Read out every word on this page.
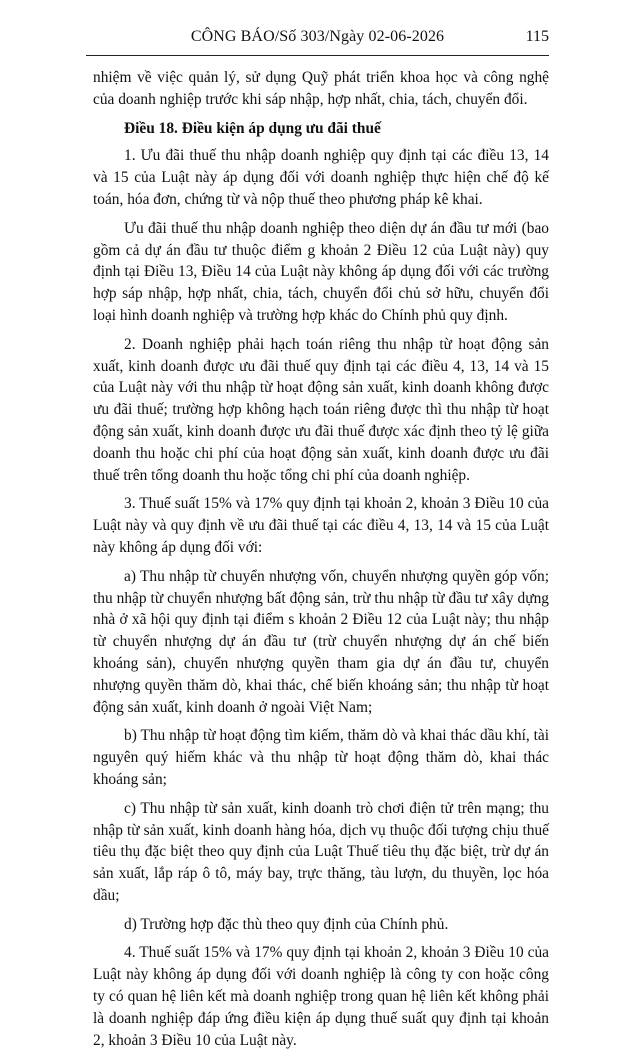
CÔNG BÁO/Số 303/Ngày 02-06-2026	115

nhiệm về việc quản lý, sử dụng Quỹ phát triển khoa học và công nghệ của doanh nghiệp trước khi sáp nhập, hợp nhất, chia, tách, chuyển đổi.

Điều 18. Điều kiện áp dụng ưu đãi thuế

1. Ưu đãi thuế thu nhập doanh nghiệp quy định tại các điều 13, 14 và 15 của Luật này áp dụng đối với doanh nghiệp thực hiện chế độ kế toán, hóa đơn, chứng từ và nộp thuế theo phương pháp kê khai.

Ưu đãi thuế thu nhập doanh nghiệp theo diện dự án đầu tư mới (bao gồm cả dự án đầu tư thuộc điểm g khoản 2 Điều 12 của Luật này) quy định tại Điều 13, Điều 14 của Luật này không áp dụng đối với các trường hợp sáp nhập, hợp nhất, chia, tách, chuyển đổi chủ sở hữu, chuyển đổi loại hình doanh nghiệp và trường hợp khác do Chính phủ quy định.

2. Doanh nghiệp phải hạch toán riêng thu nhập từ hoạt động sản xuất, kinh doanh được ưu đãi thuế quy định tại các điều 4, 13, 14 và 15 của Luật này với thu nhập từ hoạt động sản xuất, kinh doanh không được ưu đãi thuế; trường hợp không hạch toán riêng được thì thu nhập từ hoạt động sản xuất, kinh doanh được ưu đãi thuế được xác định theo tỷ lệ giữa doanh thu hoặc chi phí của hoạt động sản xuất, kinh doanh được ưu đãi thuế trên tổng doanh thu hoặc tổng chi phí của doanh nghiệp.

3. Thuế suất 15% và 17% quy định tại khoản 2, khoản 3 Điều 10 của Luật này và quy định về ưu đãi thuế tại các điều 4, 13, 14 và 15 của Luật này không áp dụng đối với:

a) Thu nhập từ chuyển nhượng vốn, chuyển nhượng quyền góp vốn; thu nhập từ chuyển nhượng bất động sản, trừ thu nhập từ đầu tư xây dựng nhà ở xã hội quy định tại điểm s khoản 2 Điều 12 của Luật này; thu nhập từ chuyển nhượng dự án đầu tư (trừ chuyển nhượng dự án chế biến khoáng sản), chuyển nhượng quyền tham gia dự án đầu tư, chuyển nhượng quyền thăm dò, khai thác, chế biến khoáng sản; thu nhập từ hoạt động sản xuất, kinh doanh ở ngoài Việt Nam;

b) Thu nhập từ hoạt động tìm kiếm, thăm dò và khai thác dầu khí, tài nguyên quý hiếm khác và thu nhập từ hoạt động thăm dò, khai thác khoáng sản;

c) Thu nhập từ sản xuất, kinh doanh trò chơi điện tử trên mạng; thu nhập từ sản xuất, kinh doanh hàng hóa, dịch vụ thuộc đối tượng chịu thuế tiêu thụ đặc biệt theo quy định của Luật Thuế tiêu thụ đặc biệt, trừ dự án sản xuất, lắp ráp ô tô, máy bay, trực thăng, tàu lượn, du thuyền, lọc hóa dầu;

d) Trường hợp đặc thù theo quy định của Chính phủ.

4. Thuế suất 15% và 17% quy định tại khoản 2, khoản 3 Điều 10 của Luật này không áp dụng đối với doanh nghiệp là công ty con hoặc công ty có quan hệ liên kết mà doanh nghiệp trong quan hệ liên kết không phải là doanh nghiệp đáp ứng điều kiện áp dụng thuế suất quy định tại khoản 2, khoản 3 Điều 10 của Luật này.
